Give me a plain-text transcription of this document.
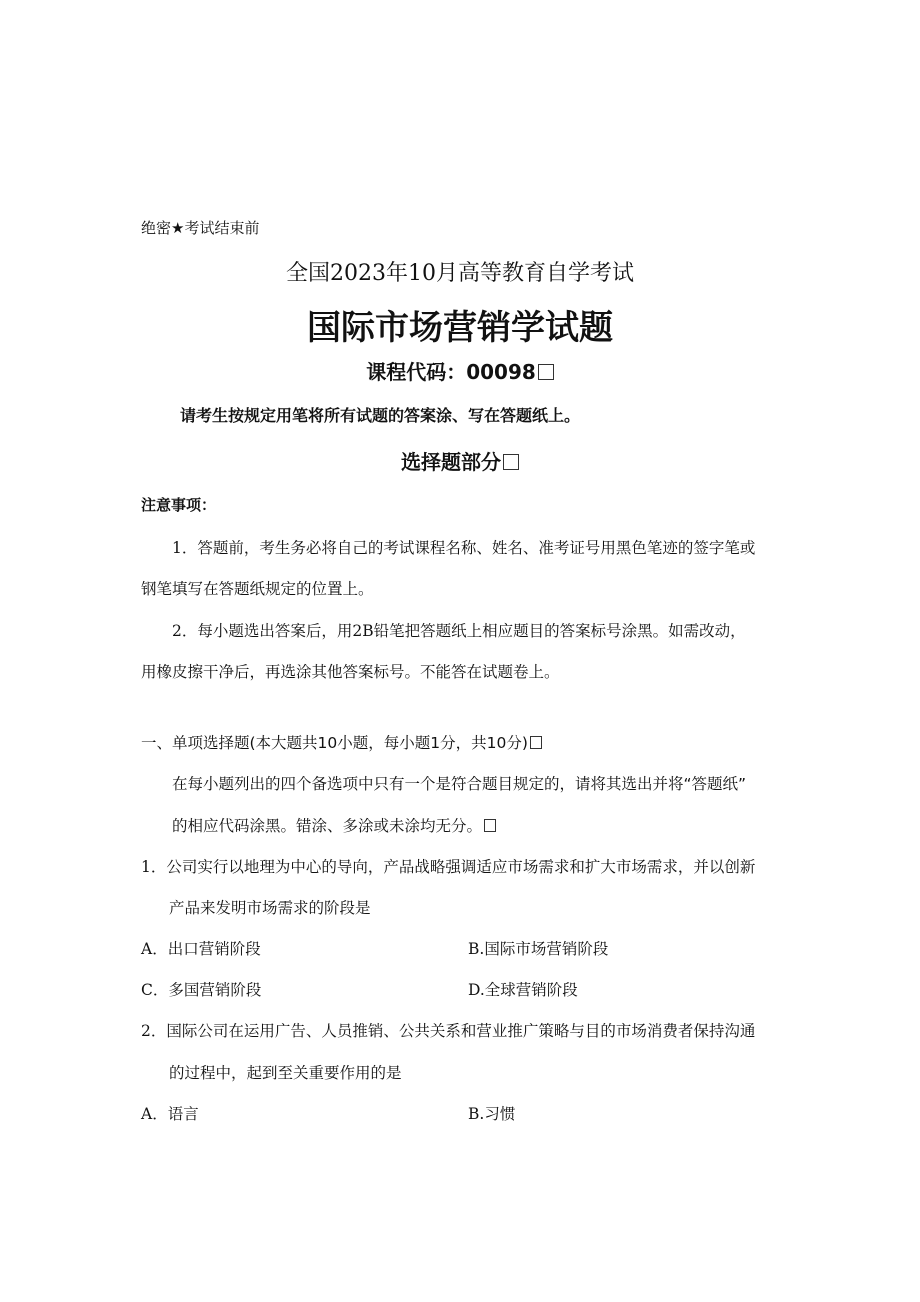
绝密★考试结束前
全国2023年10月高等教育自学考试
国际市场营销学试题
课程代码：00098
请考生按规定用笔将所有试题的答案涂、写在答题纸上。
选择题部分
注意事项：
1．答题前，考生务必将自己的考试课程名称、姓名、准考证号用黑色笔迹的签字笔或
钢笔填写在答题纸规定的位置上。
2．每小题选出答案后，用2B铅笔把答题纸上相应题目的答案标号涂黑。如需改动，
用橡皮擦干净后，再选涂其他答案标号。不能答在试题卷上。
一、单项选择题(本大题共10小题，每小题1分，共10分)
在每小题列出的四个备选项中只有一个是符合题目规定的，请将其选出并将“答题纸”
的相应代码涂黑。错涂、多涂或未涂均无分。
1．公司实行以地理为中心的导向，产品战略强调适应市场需求和扩大市场需求，并以创新
产品来发明市场需求的阶段是
A．出口营销阶段	B.国际市场营销阶段
C．多国营销阶段	D.全球营销阶段
2．国际公司在运用广告、人员推销、公共关系和营业推广策略与目的市场消费者保持沟通
的过程中，起到至关重要作用的是
A．语言	B.习惯
